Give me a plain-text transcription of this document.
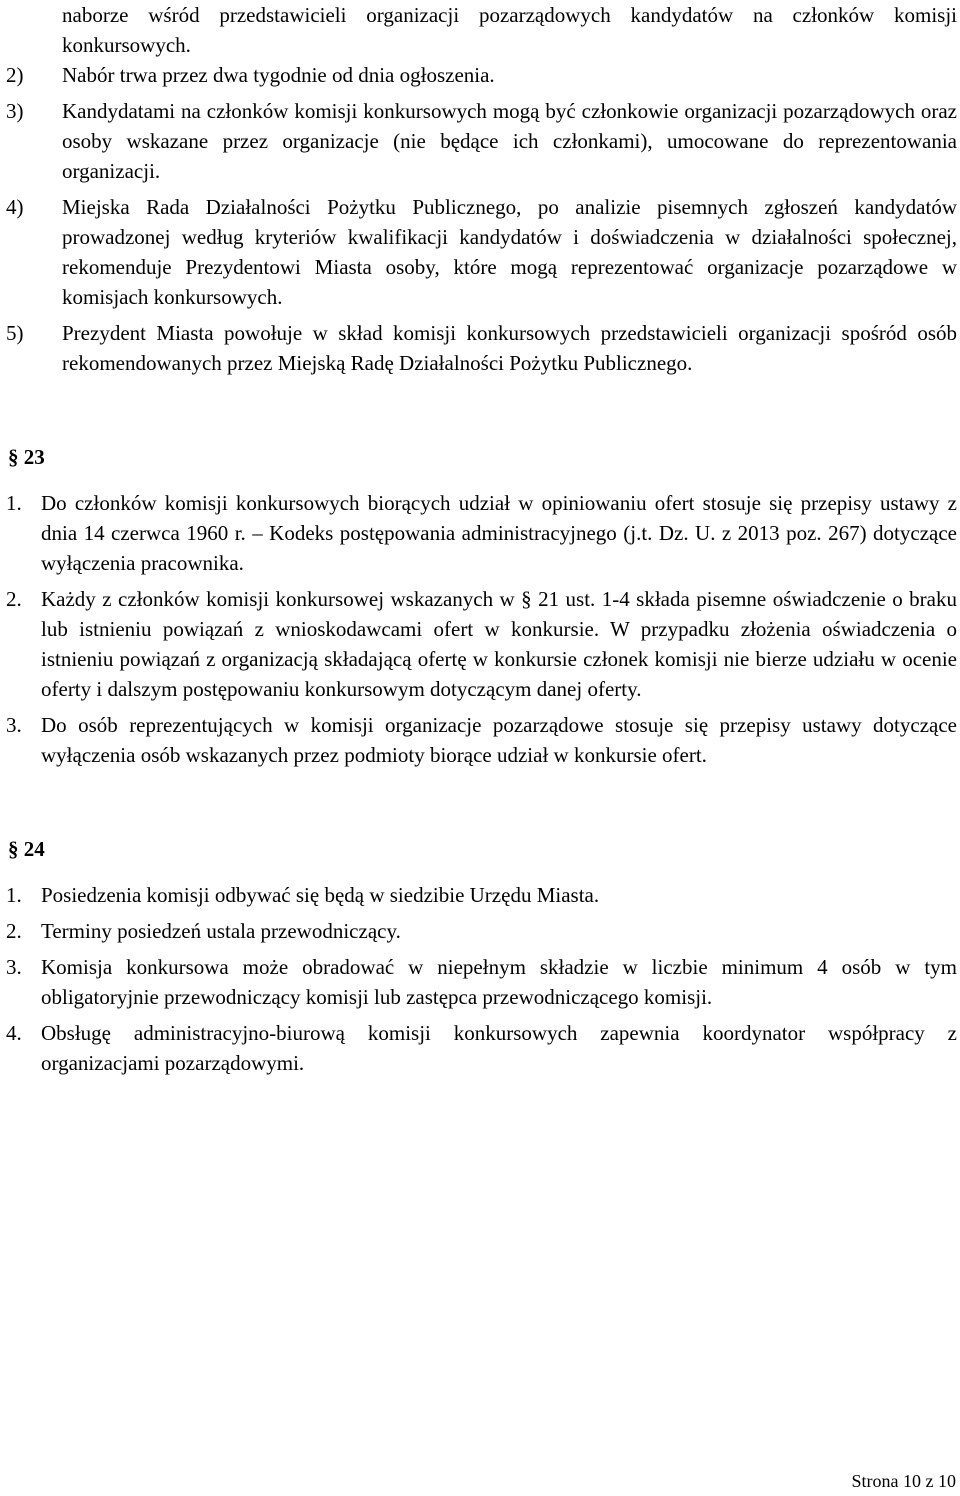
naborze wśród przedstawicieli organizacji pozarządowych kandydatów na członków komisji konkursowych.
2)	Nabór trwa przez dwa tygodnie od dnia ogłoszenia.
3)	Kandydatami na członków komisji konkursowych mogą być członkowie organizacji pozarządowych oraz osoby wskazane przez organizacje (nie będące ich członkami), umocowane do reprezentowania organizacji.
4)	Miejska Rada Działalności Pożytku Publicznego, po analizie pisemnych zgłoszeń kandydatów prowadzonej według kryteriów kwalifikacji kandydatów i doświadczenia w działalności społecznej, rekomenduje Prezydentowi Miasta osoby, które mogą reprezentować organizacje pozarządowe w komisjach konkursowych.
5)	Prezydent Miasta powołuje w skład komisji konkursowych przedstawicieli organizacji spośród osób rekomendowanych przez Miejską Radę Działalności Pożytku Publicznego.
§ 23
1. Do członków komisji konkursowych biorących udział w opiniowaniu ofert stosuje się przepisy ustawy z dnia 14 czerwca 1960 r. – Kodeks postępowania administracyjnego (j.t. Dz. U. z 2013 poz. 267) dotyczące wyłączenia pracownika.
2. Każdy z członków komisji konkursowej wskazanych w § 21 ust. 1-4 składa pisemne oświadczenie o braku lub istnieniu powiązań z wnioskodawcami ofert w konkursie. W przypadku złożenia oświadczenia o istnieniu powiązań z organizacją składającą ofertę w konkursie członek komisji nie bierze udziału w ocenie oferty i dalszym postępowaniu konkursowym dotyczącym danej oferty.
3. Do osób reprezentujących w komisji organizacje pozarządowe stosuje się przepisy ustawy dotyczące wyłączenia osób wskazanych przez podmioty biorące udział w konkursie ofert.
§ 24
1. Posiedzenia komisji odbywać się będą w siedzibie Urzędu Miasta.
2. Terminy posiedzeń ustala przewodniczący.
3. Komisja konkursowa może obradować w niepełnym składzie w liczbie minimum 4 osób w tym obligatoryjnie przewodniczący komisji lub zastępca przewodniczącego komisji.
4. Obsługę administracyjno-biurową komisji konkursowych zapewnia koordynator współpracy z organizacjami pozarządowymi.
Strona 10 z 10
